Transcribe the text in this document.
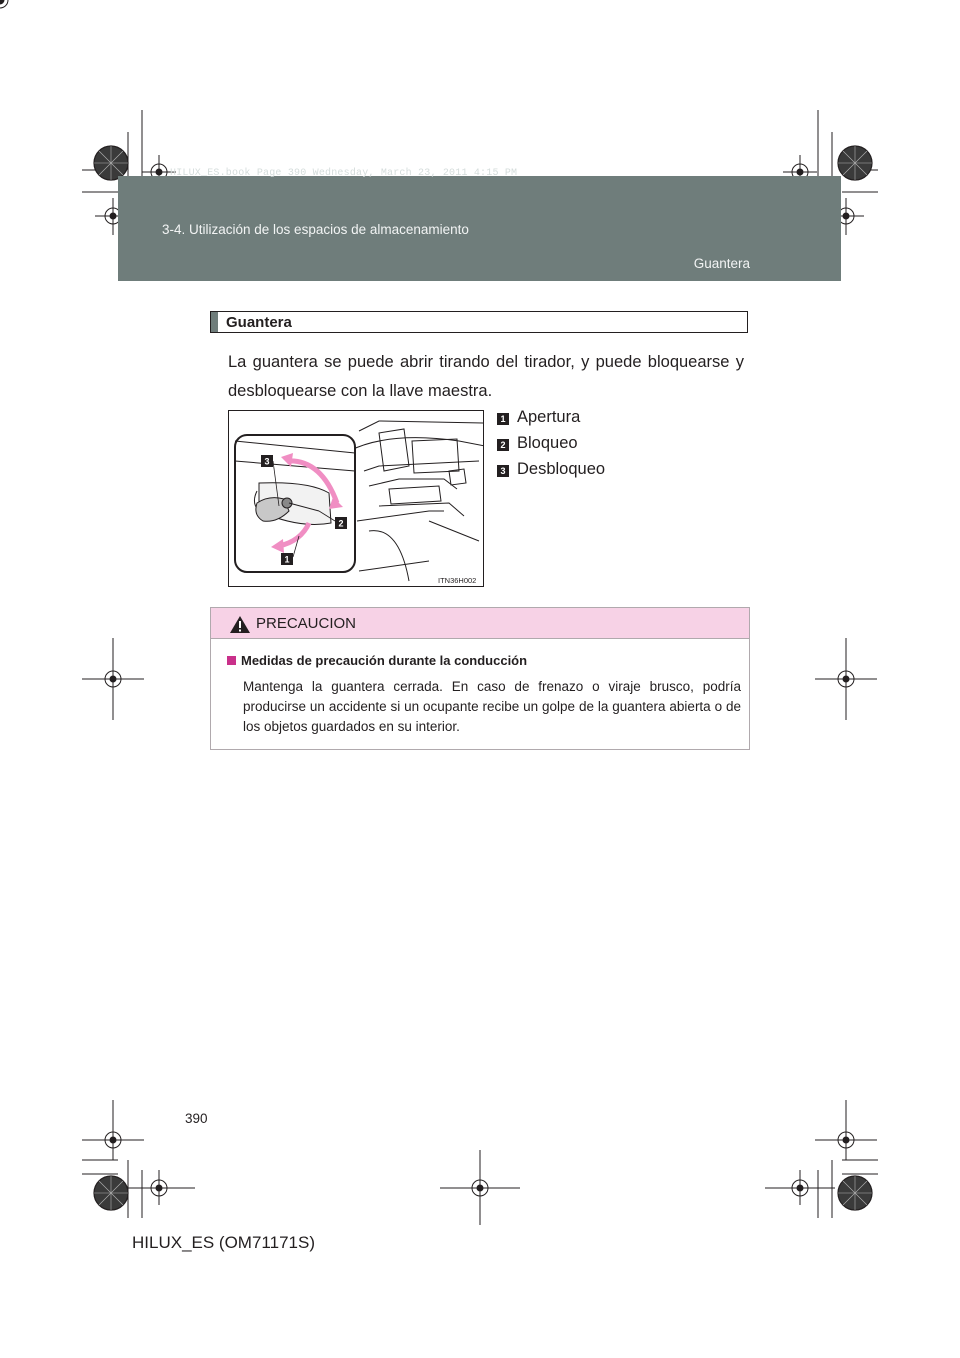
HILUX_ES.book Page 390 Wednesday, March 23, 2011 4:15 PM
3-4. Utilización de los espacios de almacenamiento
Guantera
Guantera
La guantera se puede abrir tirando del tirador, y puede bloquearse y desbloquearse con la llave maestra.
3
2
1
ITN36H002
1 Apertura
2 Bloqueo
3 Desbloqueo
PRECAUCION
Medidas de precaución durante la conducción
Mantenga la guantera cerrada. En caso de frenazo o viraje brusco, podría producirse un accidente si un ocupante recibe un golpe de la guantera abierta o de los objetos guardados en su interior.
390
HILUX_ES (OM71171S)
